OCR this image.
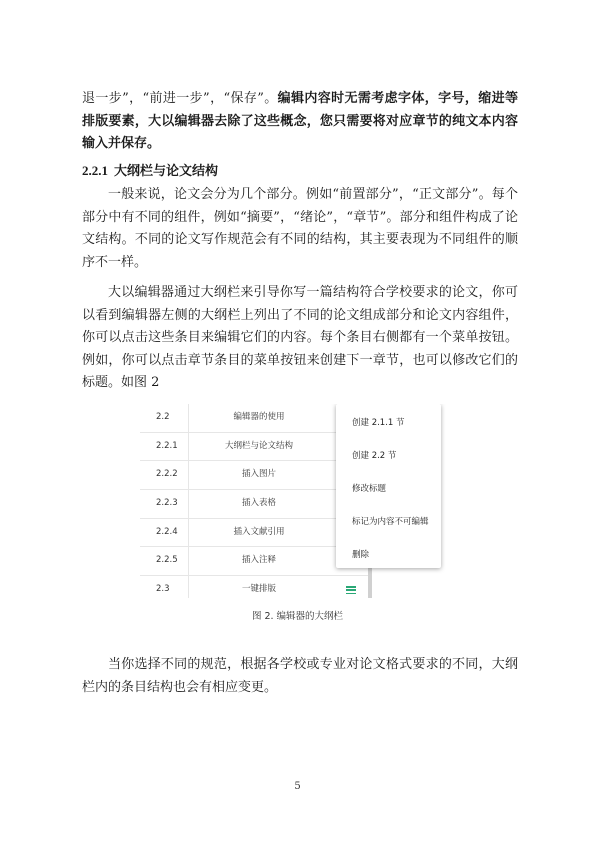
退一步”，“前进一步”，“保存”。编辑内容时无需考虑字体，字号，缩进等排版要素，大以编辑器去除了这些概念，您只需要将对应章节的纯文本内容输入并保存。

2.2.1 大纲栏与论文结构

一般来说，论文会分为几个部分。例如“前置部分”，“正文部分”。每个部分中有不同的组件，例如“摘要”，“绪论”，“章节”。部分和组件构成了论文结构。不同的论文写作规范会有不同的结构，其主要表现为不同组件的顺序不一样。

大以编辑器通过大纲栏来引导你写一篇结构符合学校要求的论文，你可以看到编辑器左侧的大纲栏上列出了不同的论文组成部分和论文内容组件，你可以点击这些条目来编辑它们的内容。每个条目右侧都有一个菜单按钮。例如，你可以点击章节条目的菜单按钮来创建下一章节，也可以修改它们的标题。如图 2

2.2	编辑器的使用
2.2.1	大纲栏与论文结构
2.2.2	插入图片
2.2.3	插入表格
2.2.4	插入文献引用
2.2.5	插入注释
2.3	一键排版
创建 2.1.1 节
创建 2.2 节
修改标题
标记为内容不可编辑
删除
图 2. 编辑器的大纲栏

当你选择不同的规范，根据各学校或专业对论文格式要求的不同，大纲栏内的条目结构也会有相应变更。

5
